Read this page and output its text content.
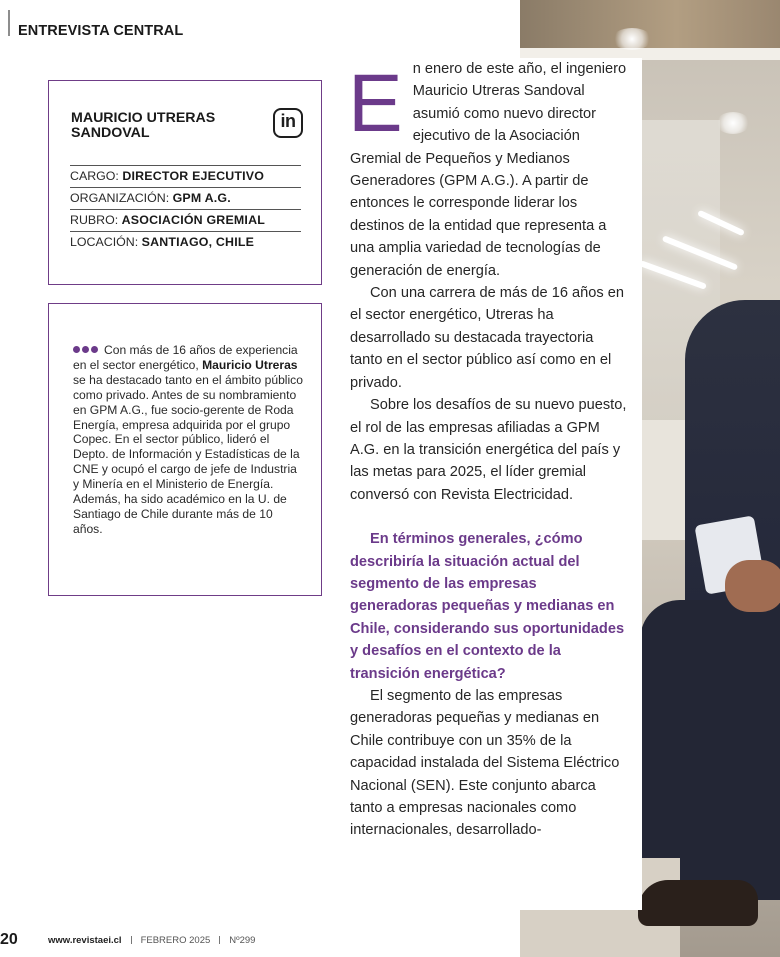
ENTREVISTA CENTRAL
MAURICIO UTRERAS SANDOVAL
in
CARGO: DIRECTOR EJECUTIVO
ORGANIZACIÓN: GPM A.G.
RUBRO: ASOCIACIÓN GREMIAL
LOCACIÓN: SANTIAGO, CHILE

Con más de 16 años de experiencia en el sector energético, Mauricio Utreras se ha destacado tanto en el ámbito público como privado. Antes de su nombramiento en GPM A.G., fue socio-gerente de Roda Energía, empresa adquirida por el grupo Copec. En el sector público, lideró el Depto. de Información y Estadísticas de la CNE y ocupó el cargo de jefe de Industria y Minería en el Ministerio de Energía. Además, ha sido académico en la U. de Santiago de Chile durante más de 10 años.

E n enero de este año, el ingeniero Mauricio Utreras Sandoval asumió como nuevo director ejecutivo de la Asociación Gremial de Pequeños y Medianos Generadores (GPM A.G.). A partir de entonces le corresponde liderar los destinos de la entidad que representa a una amplia variedad de tecnologías de generación de energía.

Con una carrera de más de 16 años en el sector energético, Utreras ha desarrollado su destacada trayectoria tanto en el sector público así como en el privado.

Sobre los desafíos de su nuevo puesto, el rol de las empresas afiliadas a GPM A.G. en la transición energética del país y las metas para 2025, el líder gremial conversó con Revista Electricidad.

En términos generales, ¿cómo describiría la situación actual del segmento de las empresas generadoras pequeñas y medianas en Chile, considerando sus oportunidades y desafíos en el contexto de la transición energética?

El segmento de las empresas generadoras pequeñas y medianas en Chile contribuye con un 35% de la capacidad instalada del Sistema Eléctrico Nacional (SEN). Este conjunto abarca tanto a empresas nacionales como internacionales, desarrollado-

20	www.revistaei.cl FEBRERO 2025 Nº299
